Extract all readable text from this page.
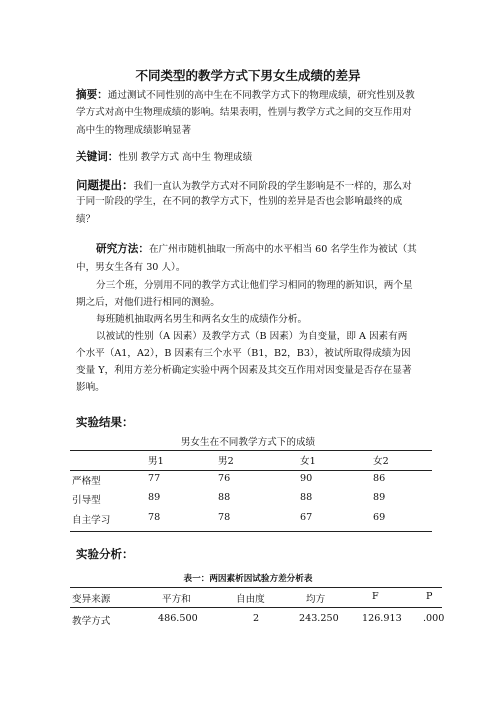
不同类型的教学方式下男女生成绩的差异
摘要：通过测试不同性别的高中生在不同教学方式下的物理成绩，研究性别及教
学方式对高中生物理成绩的影响。结果表明，性别与教学方式之间的交互作用对
高中生的物理成绩影响显著
关键词：性别 教学方式 高中生 物理成绩
问题提出：我们一直认为教学方式对不同阶段的学生影响是不一样的，那么对
于同一阶段的学生，在不同的教学方式下，性别的差异是否也会影响最终的成
绩？
研究方法：在广州市随机抽取一所高中的水平相当 60 名学生作为被试（其
中，男女生各有 30 人）。
分三个班，分别用不同的教学方式让他们学习相同的物理的新知识，两个星
期之后，对他们进行相同的测验。
每班随机抽取两名男生和两名女生的成绩作分析。
以被试的性别（A 因素）及教学方式（B 因素）为自变量，即 A 因素有两
个水平（A1，A2），B 因素有三个水平（B1，B2，B3），被试所取得成绩为因
变量 Y，利用方差分析确定实验中两个因素及其交互作用对因变量是否存在显著
影响。
实验结果：
男女生在不同教学方式下的成绩
男1	男2	女1	女2
严格型	77	76	90	86
引导型	89	88	88	89
自主学习	78	78	67	69
实验分析：
表一：两因素析因试验方差分析表
变异来源	平方和	自由度	均方	F	P
教学方式	486.500	2	243.250 126.913 .000
